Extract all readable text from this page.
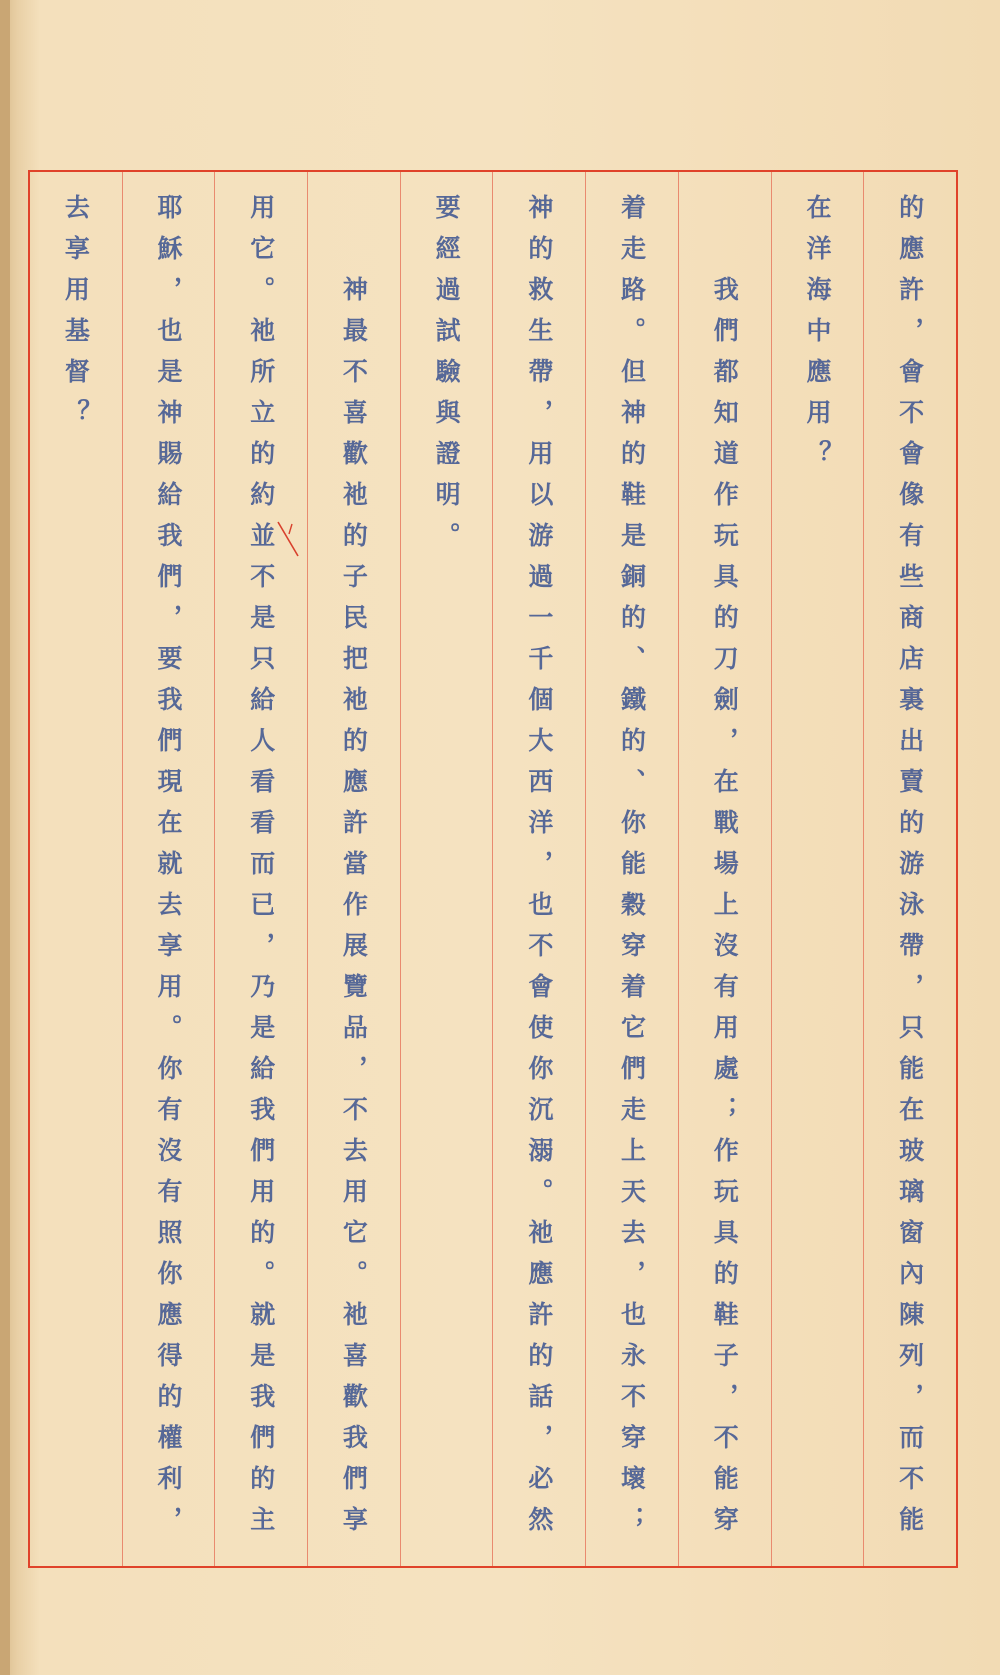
的應許，會不會像有些商店裏出賣的游泳帶，只能在玻璃窗內陳列，而不能
在洋海中應用？
我們都知道作玩具的刀劍，在戰場上沒有用處；作玩具的鞋子，不能穿
着走路。但神的鞋是銅的、鐵的、你能穀穿着它們走上天去，也永不穿壞；
神的救生帶，用以游過一千個大西洋，也不會使你沉溺。祂應許的話，必然
要經過試驗與證明。
神最不喜歡祂的子民把祂的應許當作展覽品，不去用它。祂喜歡我們享
用它。祂所立的約並不是只給人看看而已，乃是給我們用的。就是我們的主
耶穌，也是神賜給我們，要我們現在就去享用。你有沒有照你應得的權利，
去享用基督？
